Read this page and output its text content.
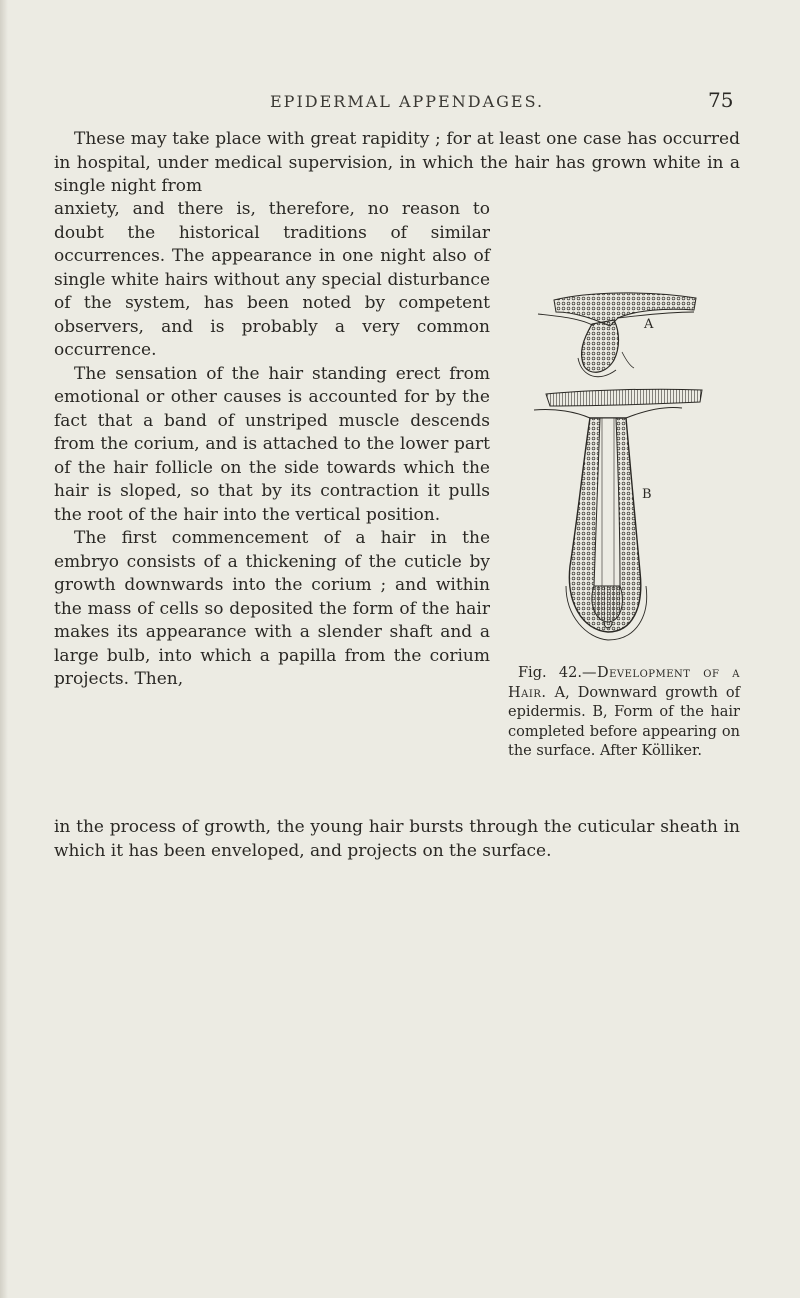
EPIDERMAL APPENDAGES.	75

These may take place with great rapidity ; for at least one case has occurred in hospital, under medical supervision, in which the hair has grown white in a single night from

anxiety, and there is, therefore, no reason to doubt the historical traditions of similar occurrences. The appearance in one night also of single white hairs without any special disturbance of the system, has been noted by competent observers, and is probably a very common occurrence.

The sensation of the hair standing erect from emotional or other causes is accounted for by the fact that a band of unstriped muscle descends from the corium, and is attached to the lower part of the hair follicle on the side towards which the hair is sloped, so that by its contraction it pulls the root of the hair into the vertical position.

The first commencement of a hair in the embryo consists of a thickening of the cuticle by growth downwards into the corium ; and within the mass of cells so deposited the form of the hair makes its appearance with a slender shaft and a large bulb, into which a papilla from the corium projects. Then,

A
B

Fig. 42.—Development of a Hair. A, Downward growth of epidermis. B, Form of the hair completed before appearing on the surface. After Kölliker.

in the process of growth, the young hair bursts through the cuticular sheath in which it has been enveloped, and projects on the surface.
